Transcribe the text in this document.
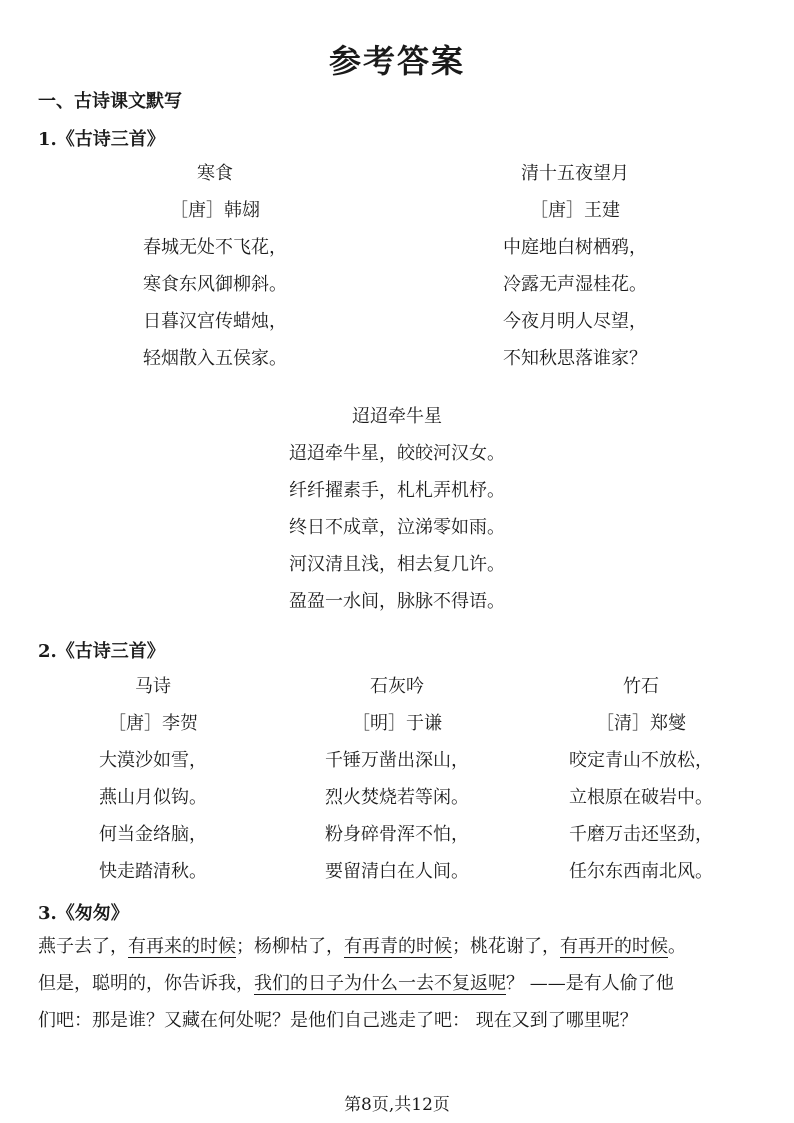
参考答案
一、古诗课文默写
1.《古诗三首》
寒食
［唐］韩翃
春城无处不飞花，
寒食东风御柳斜。
日暮汉宫传蜡烛，
轻烟散入五侯家。
清十五夜望月
［唐］王建
中庭地白树栖鸦，
冷露无声湿桂花。
今夜月明人尽望，
不知秋思落谁家？
迢迢牵牛星
迢迢牵牛星，皎皎河汉女。
纤纤擢素手，札札弄机杼。
终日不成章，泣涕零如雨。
河汉清且浅，相去复几许。
盈盈一水间，脉脉不得语。
2.《古诗三首》
马诗
［唐］李贺
大漠沙如雪，
燕山月似钩。
何当金络脑，
快走踏清秋。
石灰吟
［明］于谦
千锤万凿出深山，
烈火焚烧若等闲。
粉身碎骨浑不怕，
要留清白在人间。
竹石
［清］郑燮
咬定青山不放松，
立根原在破岩中。
千磨万击还坚劲，
任尔东西南北风。
3.《匆匆》
燕子去了，有再来的时候；杨柳枯了，有再青的时候；桃花谢了，有再开的时候。
但是，聪明的，你告诉我，我们的日子为什么一去不复返呢？ ——是有人偷了他
们吧：那是谁？又藏在何处呢？是他们自己逃走了吧： 现在又到了哪里呢？
第8页,共12页
